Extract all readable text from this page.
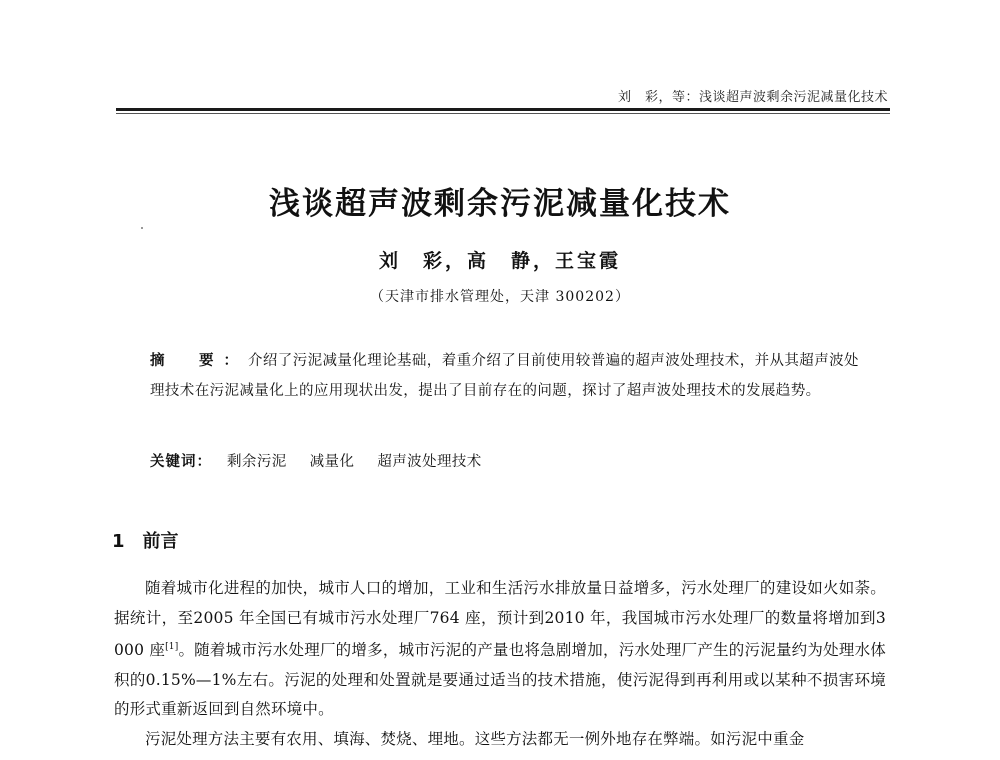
刘　彩，等：浅谈超声波剩余污泥减量化技术
浅谈超声波剩余污泥减量化技术
刘　彩，高　静，王宝霞
（天津市排水管理处，天津 300202）
摘　要：介绍了污泥减量化理论基础，着重介绍了目前使用较普遍的超声波处理技术，并从其超声波处理技术在污泥减量化上的应用现状出发，提出了目前存在的问题，探讨了超声波处理技术的发展趋势。
关键词： 剩余污泥 减量化 超声波处理技术
1 前言

随着城市化进程的加快，城市人口的增加，工业和生活污水排放量日益增多，污水处理厂的建设如火如荼。据统计，至2005 年全国已有城市污水处理厂764 座，预计到2010 年，我国城市污水处理厂的数量将增加到3 000 座[1]。随着城市污水处理厂的增多，城市污泥的产量也将急剧增加，污水处理厂产生的污泥量约为处理水体积的0.15%—1%左右。污泥的处理和处置就是要通过适当的技术措施，使污泥得到再利用或以某种不损害环境的形式重新返回到自然环境中。

污泥处理方法主要有农用、填海、焚烧、埋地。这些方法都无一例外地存在弊端。如污泥中重金
